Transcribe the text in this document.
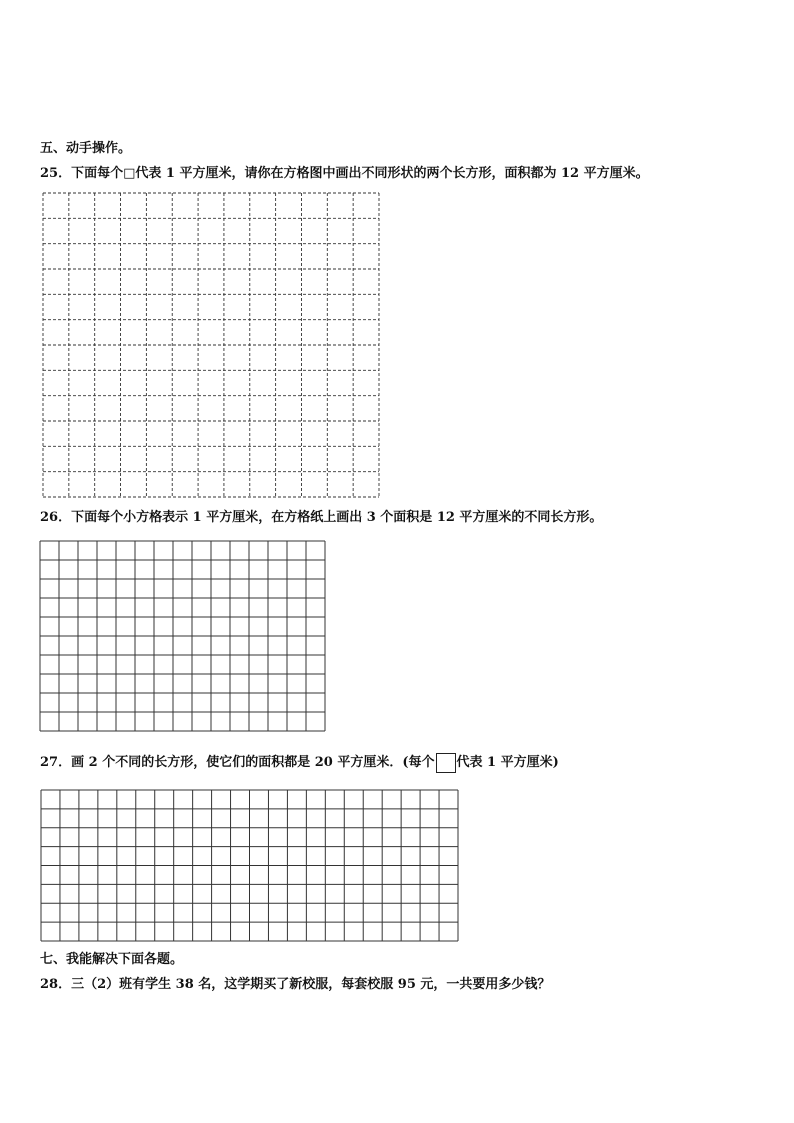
五、动手操作。
25．下面每个□代表 1 平方厘米，请你在方格图中画出不同形状的两个长方形，面积都为 12 平方厘米。
26．下面每个小方格表示 1 平方厘米，在方格纸上画出 3 个面积是 12 平方厘米的不同长方形。
27．画 2 个不同的长方形，使它们的面积都是 20 平方厘米．(每个 代表 1 平方厘米)
七、我能解决下面各题。
28．三（2）班有学生 38 名，这学期买了新校服，每套校服 95 元，一共要用多少钱？
